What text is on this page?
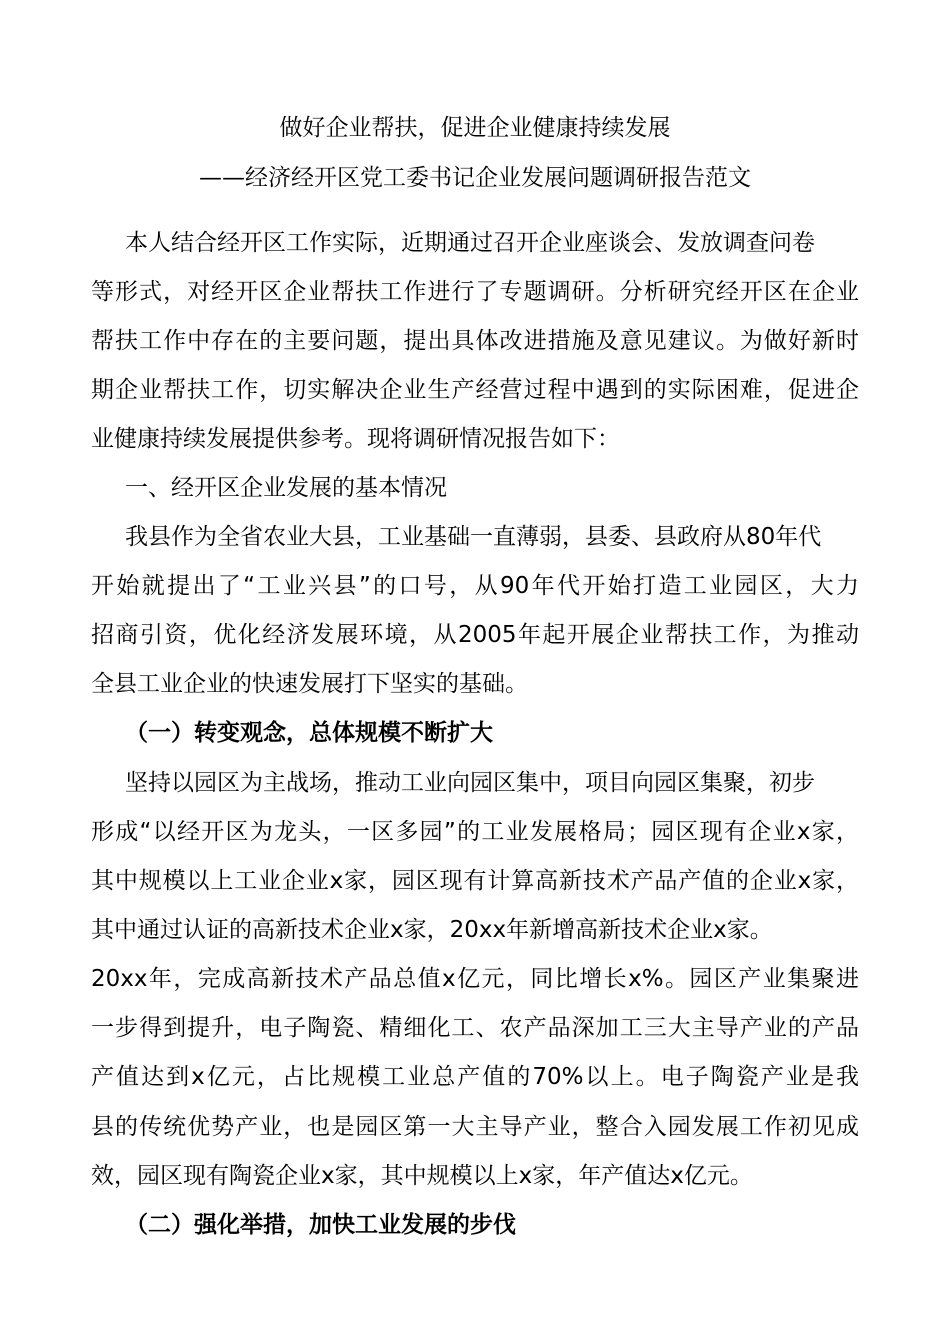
做好企业帮扶，促进企业健康持续发展
——经济经开区党工委书记企业发展问题调研报告范文
本人结合经开区工作实际，近期通过召开企业座谈会、发放调查问卷
等形式，对经开区企业帮扶工作进行了专题调研。分析研究经开区在企业
帮扶工作中存在的主要问题，提出具体改进措施及意见建议。为做好新时
期企业帮扶工作，切实解决企业生产经营过程中遇到的实际困难，促进企
业健康持续发展提供参考。现将调研情况报告如下：
一、经开区企业发展的基本情况
我县作为全省农业大县，工业基础一直薄弱，县委、县政府从80年代
开始就提出了“工业兴县”的口号，从90年代开始打造工业园区，大力
招商引资，优化经济发展环境，从2005年起开展企业帮扶工作，为推动
全县工业企业的快速发展打下坚实的基础。
（一）转变观念，总体规模不断扩大
坚持以园区为主战场，推动工业向园区集中，项目向园区集聚，初步
形成“以经开区为龙头，一区多园”的工业发展格局；园区现有企业x家，
其中规模以上工业企业x家，园区现有计算高新技术产品产值的企业x家，
其中通过认证的高新技术企业x家，20xx年新增高新技术企业x家。
20xx年，完成高新技术产品总值x亿元，同比增长x%。园区产业集聚进
一步得到提升，电子陶瓷、精细化工、农产品深加工三大主导产业的产品
产值达到x亿元，占比规模工业总产值的70%以上。电子陶瓷产业是我
县的传统优势产业，也是园区第一大主导产业，整合入园发展工作初见成
效，园区现有陶瓷企业x家，其中规模以上x家，年产值达x亿元。
（二）强化举措，加快工业发展的步伐
